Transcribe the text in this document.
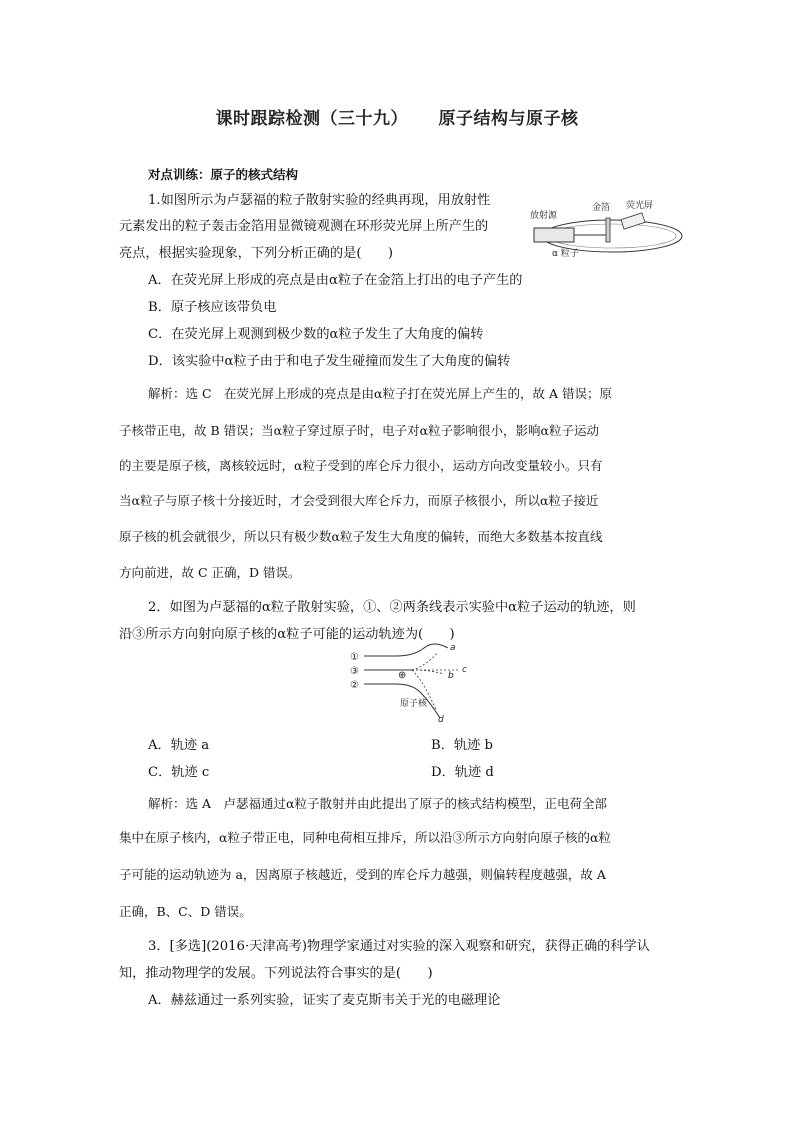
课时跟踪检测（三十九） 原子结构与原子核
对点训练：原子的核式结构
1.如图所示为卢瑟福的粒子散射实验的经典再现，用放射性
元素发出的粒子轰击金箔用显微镜观测在环形荧光屏上所产生的
亮点，根据实验现象，下列分析正确的是(　　)
放射源
金箔 荧光屏
α 粒子
A．在荧光屏上形成的亮点是由α粒子在金箔上打出的电子产生的
B．原子核应该带负电
C．在荧光屏上观测到极少数的α粒子发生了大角度的偏转
D．该实验中α粒子由于和电子发生碰撞而发生了大角度的偏转
解析：选 C　在荧光屏上形成的亮点是由α粒子打在荧光屏上产生的，故 A 错误；原
子核带正电，故 B 错误；当α粒子穿过原子时，电子对α粒子影响很小，影响α粒子运动
的主要是原子核，离核较远时，α粒子受到的库仑斥力很小，运动方向改变量较小。只有
当α粒子与原子核十分接近时，才会受到很大库仑斥力，而原子核很小，所以α粒子接近
原子核的机会就很少，所以只有极少数α粒子发生大角度的偏转，而绝大多数基本按直线
方向前进，故 C 正确，D 错误。
2．如图为卢瑟福的α粒子散射实验，①、②两条线表示实验中α粒子运动的轨迹，则
沿③所示方向射向原子核的α粒子可能的运动轨迹为(　　)
①
③
②
⊕
原子核
a
b
c
d
A．轨迹 a	B．轨迹 b
C．轨迹 c	D．轨迹 d
解析：选 A　卢瑟福通过α粒子散射并由此提出了原子的核式结构模型，正电荷全部
集中在原子核内，α粒子带正电，同种电荷相互排斥，所以沿③所示方向射向原子核的α粒
子可能的运动轨迹为 a，因离原子核越近，受到的库仑斥力越强，则偏转程度越强，故 A
正确，B、C、D 错误。
3．[多选](2016·天津高考)物理学家通过对实验的深入观察和研究，获得正确的科学认
知，推动物理学的发展。下列说法符合事实的是(　　)
A．赫兹通过一系列实验，证实了麦克斯韦关于光的电磁理论
